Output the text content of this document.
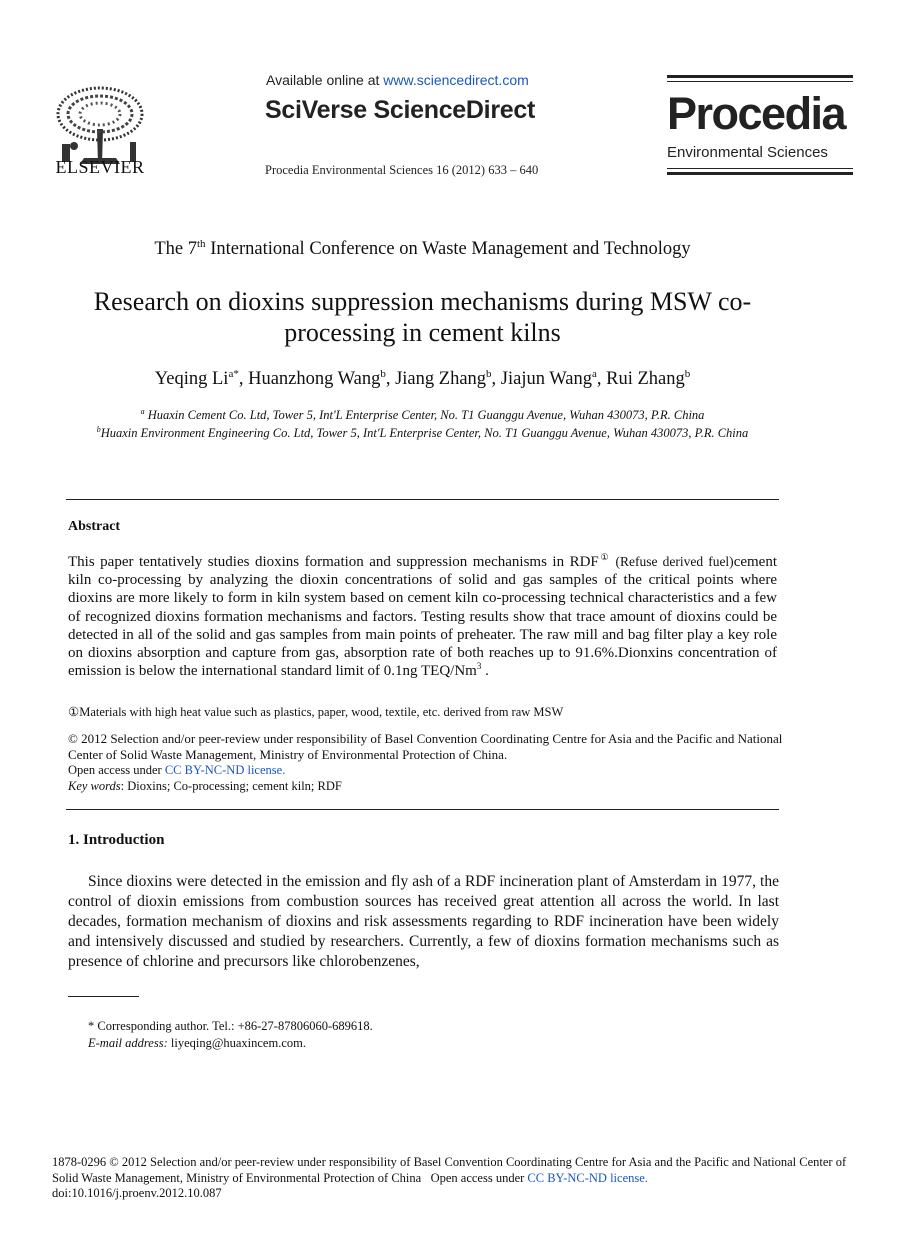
ELSEVIER
Available online at www.sciencedirect.com
SciVerse ScienceDirect
Procedia Environmental Sciences 16 (2012) 633 – 640
Procedia
Environmental Sciences
The 7th International Conference on Waste Management and Technology
Research on dioxins suppression mechanisms during MSW co-processing in cement kilns
Yeqing $Li^{a*}$, Huanzhong Wang$^b$, Jiang Zhang$^b$, Jiajun Wang$^a$, Rui Zhang$^b$
$^a$ Huaxin Cement Co. Ltd, Tower 5, Int'L Enterprise Center, No. T1 Guanggu Avenue, Wuhan 430073, P.R. China
$^b$Huaxin Environment Engineering Co. Ltd, Tower 5, Int'L Enterprise Center, No. T1 Guanggu Avenue, Wuhan 430073, P.R. China
Abstract
This paper tentatively studies dioxins formation and suppression mechanisms in RDF① (Refuse derived fuel)cement kiln co-processing by analyzing the dioxin concentrations of solid and gas samples of the critical points where dioxins are more likely to form in kiln system based on cement kiln co-processing technical characteristics and a few of recognized dioxins formation mechanisms and factors. Testing results show that trace amount of dioxins could be detected in all of the solid and gas samples from main points of preheater. The raw mill and bag filter play a key role on dioxins absorption and capture from gas, absorption rate of both reaches up to 91.6%.Dionxins concentration of emission is below the international standard limit of 0.1ng TEQ/Nm$^3$ .
①Materials with high heat value such as plastics, paper, wood, textile, etc. derived from raw MSW
© 2012 Selection and/or peer-review under responsibility of Basel Convention Coordinating Centre for Asia and the Pacific and National Center of Solid Waste Management, Ministry of Environmental Protection of China.
Open access under CC BY-NC-ND license.
Key words: Dioxins; Co-processing; cement kiln; RDF
1. Introduction
Since dioxins were detected in the emission and fly ash of a RDF incineration plant of Amsterdam in 1977, the control of dioxin emissions from combustion sources has received great attention all across the world. In last decades, formation mechanism of dioxins and risk assessments regarding to RDF incineration have been widely and intensively discussed and studied by researchers. Currently, a few of dioxins formation mechanisms such as presence of chlorine and precursors like chlorobenzenes,
* Corresponding author. Tel.: +86-27-87806060-689618.
E-mail address: liyeqing@huaxincem.com.
1878-0296 © 2012 Selection and/or peer-review under responsibility of Basel Convention Coordinating Centre for Asia and the Pacific and National Center of Solid Waste Management, Ministry of Environmental Protection of China   Open access under CC BY-NC-ND license.
doi:10.1016/j.proenv.2012.10.087
